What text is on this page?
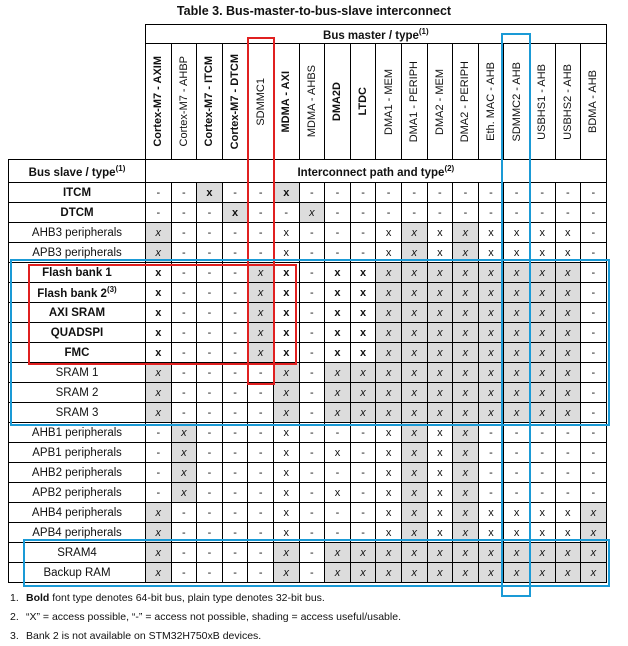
Table 3. Bus-master-to-bus-slave interconnect
	Bus master / type$^{(1)}$

	Cortex-M7 - AXIM	Cortex-M7 - AHBP	Cortex-M7 - ITCM	Cortex-M7 - DTCM	SDMMC1	MDMA - AXI	MDMA - AHBS	DMA2D	LTDC	DMA1 - MEM	DMA1 - PERIPH	DMA2 - MEM	DMA2 - PERIPH	Eth. MAC - AHB	SDMMC2 - AHB	USBHS1 - AHB	USBHS2 - AHB	BDMA - AHB

Bus slave / type$^{(1)}$	Interconnect path and type$^{(2)}$
ITCM	-	-	x	-	-	x	-	-	-	-	-	-	-	-	-	-	-	-
DTCM	-	-	-	x	-	-	x	-	-	-	-	-	-	-	-	-	-	-
AHB3 peripherals	x	-	-	-	-	x	-	-	-	x	x	x	x	x	x	x	x	-
APB3 peripherals	x	-	-	-	-	x	-	-	-	x	x	x	x	x	x	x	x	-
Flash bank 1	x	-	-	-	x	x	-	x	x	x	x	x	x	x	x	x	x	-
Flash bank 2$^{(3)}$	x	-	-	-	x	x	-	x	x	x	x	x	x	x	x	x	x	-
AXI SRAM	x	-	-	-	x	x	-	x	x	x	x	x	x	x	x	x	x	-
QUADSPI	x	-	-	-	x	x	-	x	x	x	x	x	x	x	x	x	x	-
FMC	x	-	-	-	x	x	-	x	x	x	x	x	x	x	x	x	x	-
SRAM 1	x	-	-	-	-	x	-	x	x	x	x	x	x	x	x	x	x	-
SRAM 2	x	-	-	-	-	x	-	x	x	x	x	x	x	x	x	x	x	-
SRAM 3	x	-	-	-	-	x	-	x	x	x	x	x	x	x	x	x	x	-
AHB1 peripherals	-	x	-	-	-	x	-	-	-	x	x	x	x	-	-	-	-	-
APB1 peripherals	-	x	-	-	-	x	-	x	-	x	x	x	x	-	-	-	-	-
AHB2 peripherals	-	x	-	-	-	x	-	-	-	x	x	x	x	-	-	-	-	-
APB2 peripherals	-	x	-	-	-	x	-	x	-	x	x	x	x	-	-	-	-	-
AHB4 peripherals	x	-	-	-	-	x	-	-	-	x	x	x	x	x	x	x	x	x
APB4 peripherals	x	-	-	-	-	x	-	-	-	x	x	x	x	x	x	x	x	x
SRAM4	x	-	-	-	-	x	-	x	x	x	x	x	x	x	x	x	x	x
Backup RAM	x	-	-	-	-	x	-	x	x	x	x	x	x	x	x	x	x	x
1. Bold font type denotes 64-bit bus, plain type denotes 32-bit bus.
2. “X” = access possible, “-” = access not possible, shading = access useful/usable.
3. Bank 2 is not available on STM32H750xB devices.
